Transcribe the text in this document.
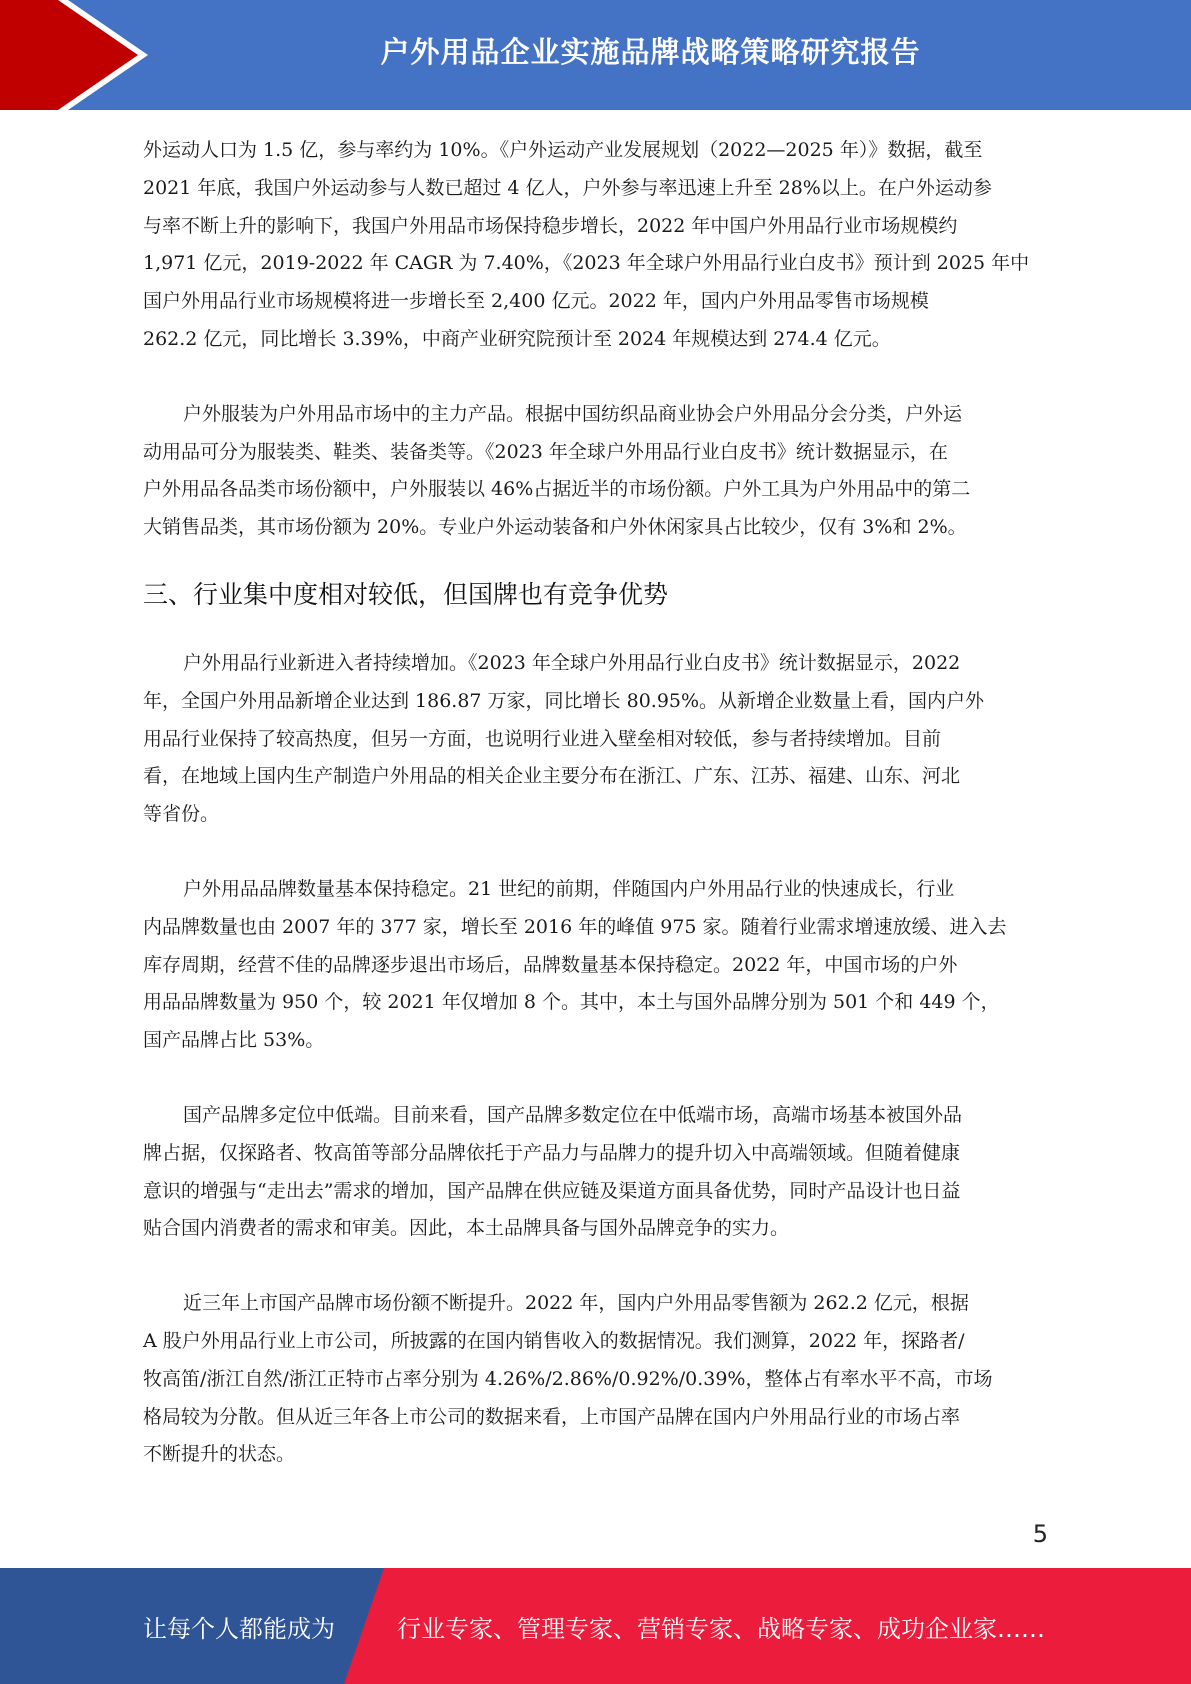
户外用品企业实施品牌战略策略研究报告

外运动人口为 1.5 亿，参与率约为 10%。《户外运动产业发展规划（2022—2025 年）》数据，截至
2021 年底，我国户外运动参与人数已超过 4 亿人，户外参与率迅速上升至 28%以上。在户外运动参
与率不断上升的影响下，我国户外用品市场保持稳步增长，2022 年中国户外用品行业市场规模约
1,971 亿元，2019-2022 年 CAGR 为 7.40%，《2023 年全球户外用品行业白皮书》预计到 2025 年中
国户外用品行业市场规模将进一步增长至 2,400 亿元。2022 年，国内户外用品零售市场规模
262.2 亿元，同比增长 3.39%，中商产业研究院预计至 2024 年规模达到 274.4 亿元。

户外服装为户外用品市场中的主力产品。根据中国纺织品商业协会户外用品分会分类，户外运
动用品可分为服装类、鞋类、装备类等。《2023 年全球户外用品行业白皮书》统计数据显示，在
户外用品各品类市场份额中，户外服装以 46%占据近半的市场份额。户外工具为户外用品中的第二
大销售品类，其市场份额为 20%。专业户外运动装备和户外休闲家具占比较少，仅有 3%和 2%。

三、行业集中度相对较低，但国牌也有竞争优势

户外用品行业新进入者持续增加。《2023 年全球户外用品行业白皮书》统计数据显示，2022
年，全国户外用品新增企业达到 186.87 万家，同比增长 80.95%。从新增企业数量上看，国内户外
用品行业保持了较高热度，但另一方面，也说明行业进入壁垒相对较低，参与者持续增加。目前
看，在地域上国内生产制造户外用品的相关企业主要分布在浙江、广东、江苏、福建、山东、河北
等省份。

户外用品品牌数量基本保持稳定。21 世纪的前期，伴随国内户外用品行业的快速成长，行业
内品牌数量也由 2007 年的 377 家，增长至 2016 年的峰值 975 家。随着行业需求增速放缓、进入去
库存周期，经营不佳的品牌逐步退出市场后，品牌数量基本保持稳定。2022 年，中国市场的户外
用品品牌数量为 950 个，较 2021 年仅增加 8 个。其中，本土与国外品牌分别为 501 个和 449 个，
国产品牌占比 53%。

国产品牌多定位中低端。目前来看，国产品牌多数定位在中低端市场，高端市场基本被国外品
牌占据，仅探路者、牧高笛等部分品牌依托于产品力与品牌力的提升切入中高端领域。但随着健康
意识的增强与“走出去”需求的增加，国产品牌在供应链及渠道方面具备优势，同时产品设计也日益
贴合国内消费者的需求和审美。因此，本土品牌具备与国外品牌竞争的实力。

近三年上市国产品牌市场份额不断提升。2022 年，国内户外用品零售额为 262.2 亿元，根据
A 股户外用品行业上市公司，所披露的在国内销售收入的数据情况。我们测算，2022 年，探路者/
牧高笛/浙江自然/浙江正特市占率分别为 4.26%/2.86%/0.92%/0.39%，整体占有率水平不高，市场
格局较为分散。但从近三年各上市公司的数据来看，上市国产品牌在国内户外用品行业的市场占率
不断提升的状态。

5
让每个人都能成为	行业专家、管理专家、营销专家、战略专家、成功企业家……
